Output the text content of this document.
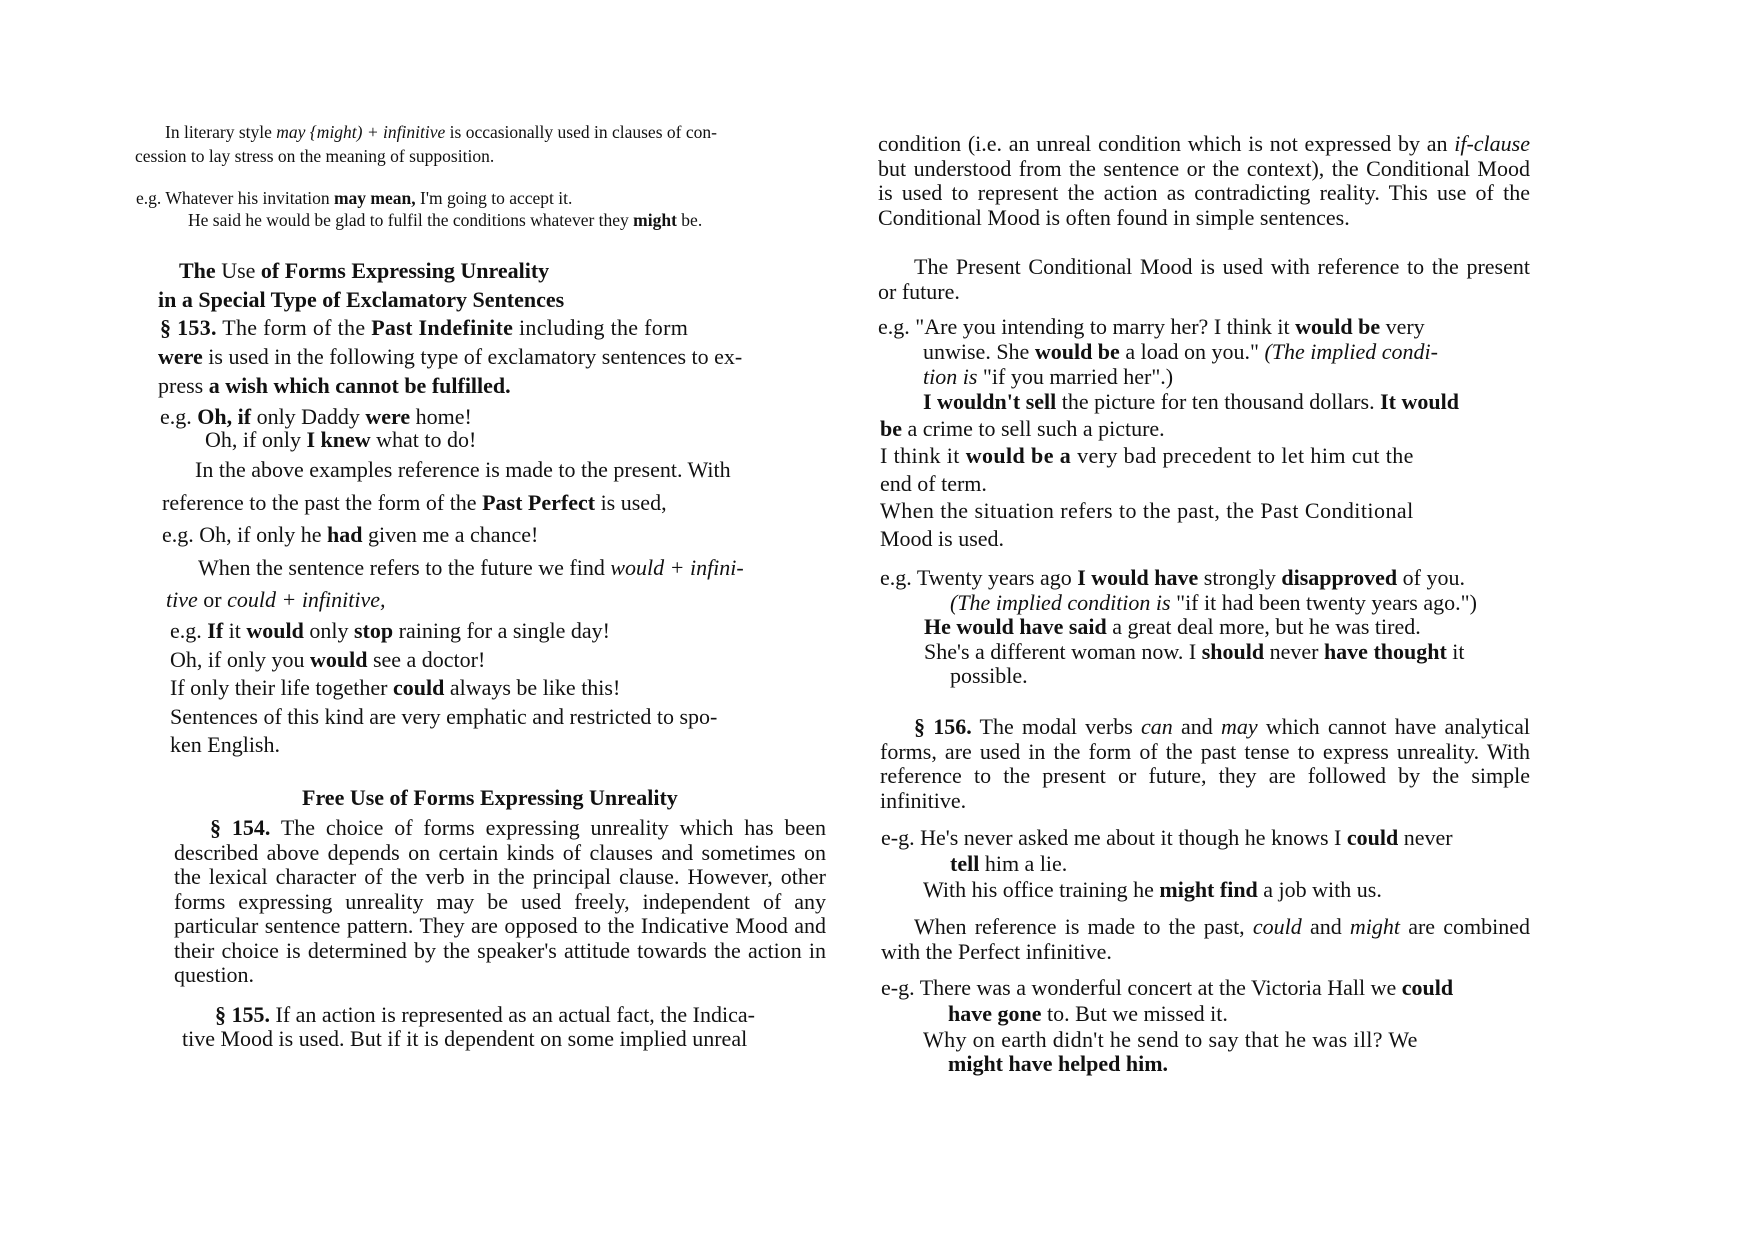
In literary style may {might) + infinitive is occasionally used in clauses of con-
cession to lay stress on the meaning of supposition.

e.g. Whatever his invitation may mean, I'm going to accept it.

He said he would be glad to fulfil the conditions whatever they might be.

The Use of Forms Expressing Unreality

in a Special Type of Exclamatory Sentences

§ 153. The form of the Past Indefinite including the form

were is used in the following type of exclamatory sentences to ex-

press a wish which cannot be fulfilled.

e.g. Oh, if only Daddy were home!

Oh, if only I knew what to do!

In the above examples reference is made to the present. With

reference to the past the form of the Past Perfect is used,

e.g. Oh, if only he had given me a chance!

When the sentence refers to the future we find would + infini-

tive or could + infinitive,

e.g. If it would only stop raining for a single day!

Oh, if only you would see a doctor!

If only their life together could always be like this!

Sentences of this kind are very emphatic and restricted to spo-

ken English.

Free Use of Forms Expressing Unreality

§ 154. The choice of forms expressing unreality which has been described above depends on certain kinds of clauses and sometimes on the lexical character of the verb in the principal clause. However, other forms expressing unreality may be used freely, independent of any particular sentence pattern. They are opposed to the Indicative Mood and their choice is determined by the speaker's attitude towards the action in question.

§ 155. If an action is represented as an actual fact, the Indica-

tive Mood is used. But if it is dependent on some implied unreal

condition (i.e. an unreal condition which is not expressed by an if-clause but understood from the sentence or the context), the Conditional Mood is used to represent the action as contradicting reality. This use of the Conditional Mood is often found in simple sentences.

The Present Conditional Mood is used with reference to the present or future.

e.g. "Are you intending to marry her? I think it would be very

unwise. She would be a load on you." (The implied condi-

tion is "if you married her".)

I wouldn't sell the picture for ten thousand dollars. It would

be a crime to sell such a picture.

I think it would be a very bad precedent to let him cut the

end of term.

When the situation refers to the past, the Past Conditional

Mood is used.

e.g. Twenty years ago I would have strongly disapproved of you.

(The implied condition is "if it had been twenty years ago.")

He would have said a great deal more, but he was tired.

She's a different woman now. I should never have thought it

possible.

§ 156. The modal verbs can and may which cannot have analytical forms, are used in the form of the past tense to express unreality. With reference to the present or future, they are followed by the simple infinitive.

e-g. He's never asked me about it though he knows I could never

tell him a lie.

With his office training he might find a job with us.

When reference is made to the past, could and might are combined with the Perfect infinitive.

e-g. There was a wonderful concert at the Victoria Hall we could

have gone to. But we missed it.

Why on earth didn't he send to say that he was ill? We

might have helped him.
